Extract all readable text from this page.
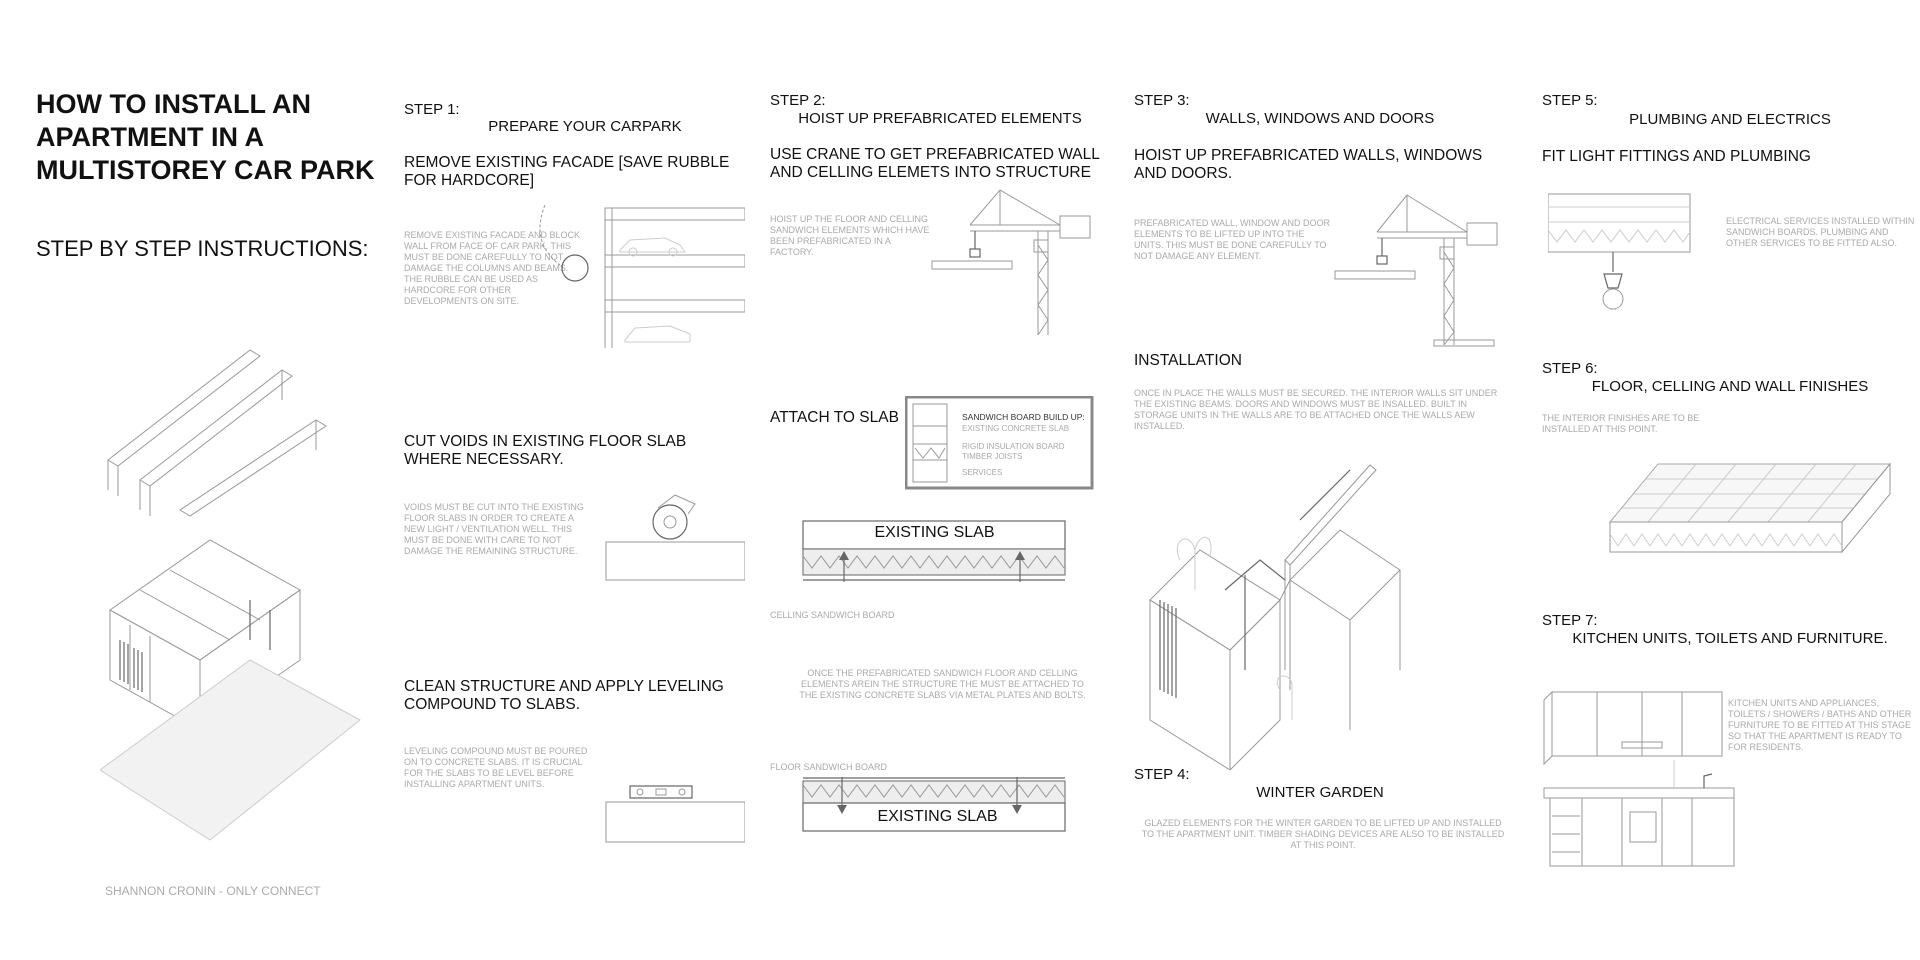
HOW TO INSTALL AN APARTMENT IN A MULTISTOREY CAR PARK
STEP BY STEP INSTRUCTIONS:
SHANNON CRONIN - ONLY CONNECT
STEP 1:
PREPARE YOUR CARPARK
REMOVE EXISTING FACADE [SAVE RUBBLE FOR HARDCORE]
REMOVE EXISTING FACADE AND BLOCK WALL FROM FACE OF CAR PARK. THIS MUST BE DONE CAREFULLY TO NOT DAMAGE THE COLUMNS AND BEAMS. THE RUBBLE CAN BE USED AS HARDCORE FOR OTHER DEVELOPMENTS ON SITE.
CUT VOIDS IN EXISTING FLOOR SLAB WHERE NECESSARY.
VOIDS MUST BE CUT INTO THE EXISTING FLOOR SLABS IN ORDER TO CREATE A NEW LIGHT / VENTILATION WELL. THIS MUST BE DONE WITH CARE TO NOT DAMAGE THE REMAINING STRUCTURE.
CLEAN STRUCTURE AND APPLY LEVELING COMPOUND TO SLABS.
LEVELING COMPOUND MUST BE POURED ON TO CONCRETE SLABS. IT IS CRUCIAL FOR THE SLABS TO BE LEVEL BEFORE INSTALLING APARTMENT UNITS.
STEP 2:
HOIST UP PREFABRICATED ELEMENTS
USE CRANE TO GET PREFABRICATED WALL AND CELLING ELEMETS INTO STRUCTURE
HOIST UP THE FLOOR AND CELLING SANDWICH ELEMENTS WHICH HAVE BEEN PREFABRICATED IN A FACTORY.
ATTACH TO SLAB	SANDWICH BOARD BUILD UP:
EXISTING CONCRETE SLAB
RIGID INSULATION BOARD
TIMBER JOISTS
SERVICES
EXISTING SLAB
CELLING SANDWICH BOARD
ONCE THE PREFABRICATED SANDWICH FLOOR AND CELLING ELEMENTS AREIN THE STRUCTURE THE MUST BE ATTACHED TO THE EXISTING CONCRETE SLABS VIA METAL PLATES AND BOLTS.
FLOOR SANDWICH BOARD
EXISTING SLAB
STEP 3:
WALLS, WINDOWS AND DOORS
HOIST UP PREFABRICATED WALLS, WINDOWS AND DOORS.
PREFABRICATED WALL, WINDOW AND DOOR ELEMENTS TO BE LIFTED UP INTO THE UNITS. THIS MUST BE DONE CAREFULLY TO NOT DAMAGE ANY ELEMENT.
INSTALLATION
ONCE IN PLACE THE WALLS MUST BE SECURED. THE INTERIOR WALLS SIT UNDER THE EXISTING BEAMS. DOORS AND WINDOWS MUST BE INSALLED. BUILT IN STORAGE UNITS IN THE WALLS ARE TO BE ATTACHED ONCE THE WALLS AEW INSTALLED.
STEP 4:
WINTER GARDEN
GLAZED ELEMENTS FOR THE WINTER GARDEN TO BE LIFTED UP AND INSTALLED TO THE APARTMENT UNIT. TIMBER SHADING DEVICES ARE ALSO TO BE INSTALLED AT THIS POINT.
STEP 5:
PLUMBING AND ELECTRICS
FIT LIGHT FITTINGS AND PLUMBING
ELECTRICAL SERVICES INSTALLED WITHIN SANDWICH BOARDS. PLUMBING AND OTHER SERVICES TO BE FITTED ALSO.
STEP 6:
FLOOR, CELLING AND WALL FINISHES
THE INTERIOR FINISHES ARE TO BE INSTALLED AT THIS POINT.
STEP 7:
KITCHEN UNITS, TOILETS AND FURNITURE.
KITCHEN UNITS AND APPLIANCES, TOILETS / SHOWERS / BATHS AND OTHER FURNITURE TO BE FITTED AT THIS STAGE SO THAT THE APARTMENT IS READY TO FOR RESIDENTS.
